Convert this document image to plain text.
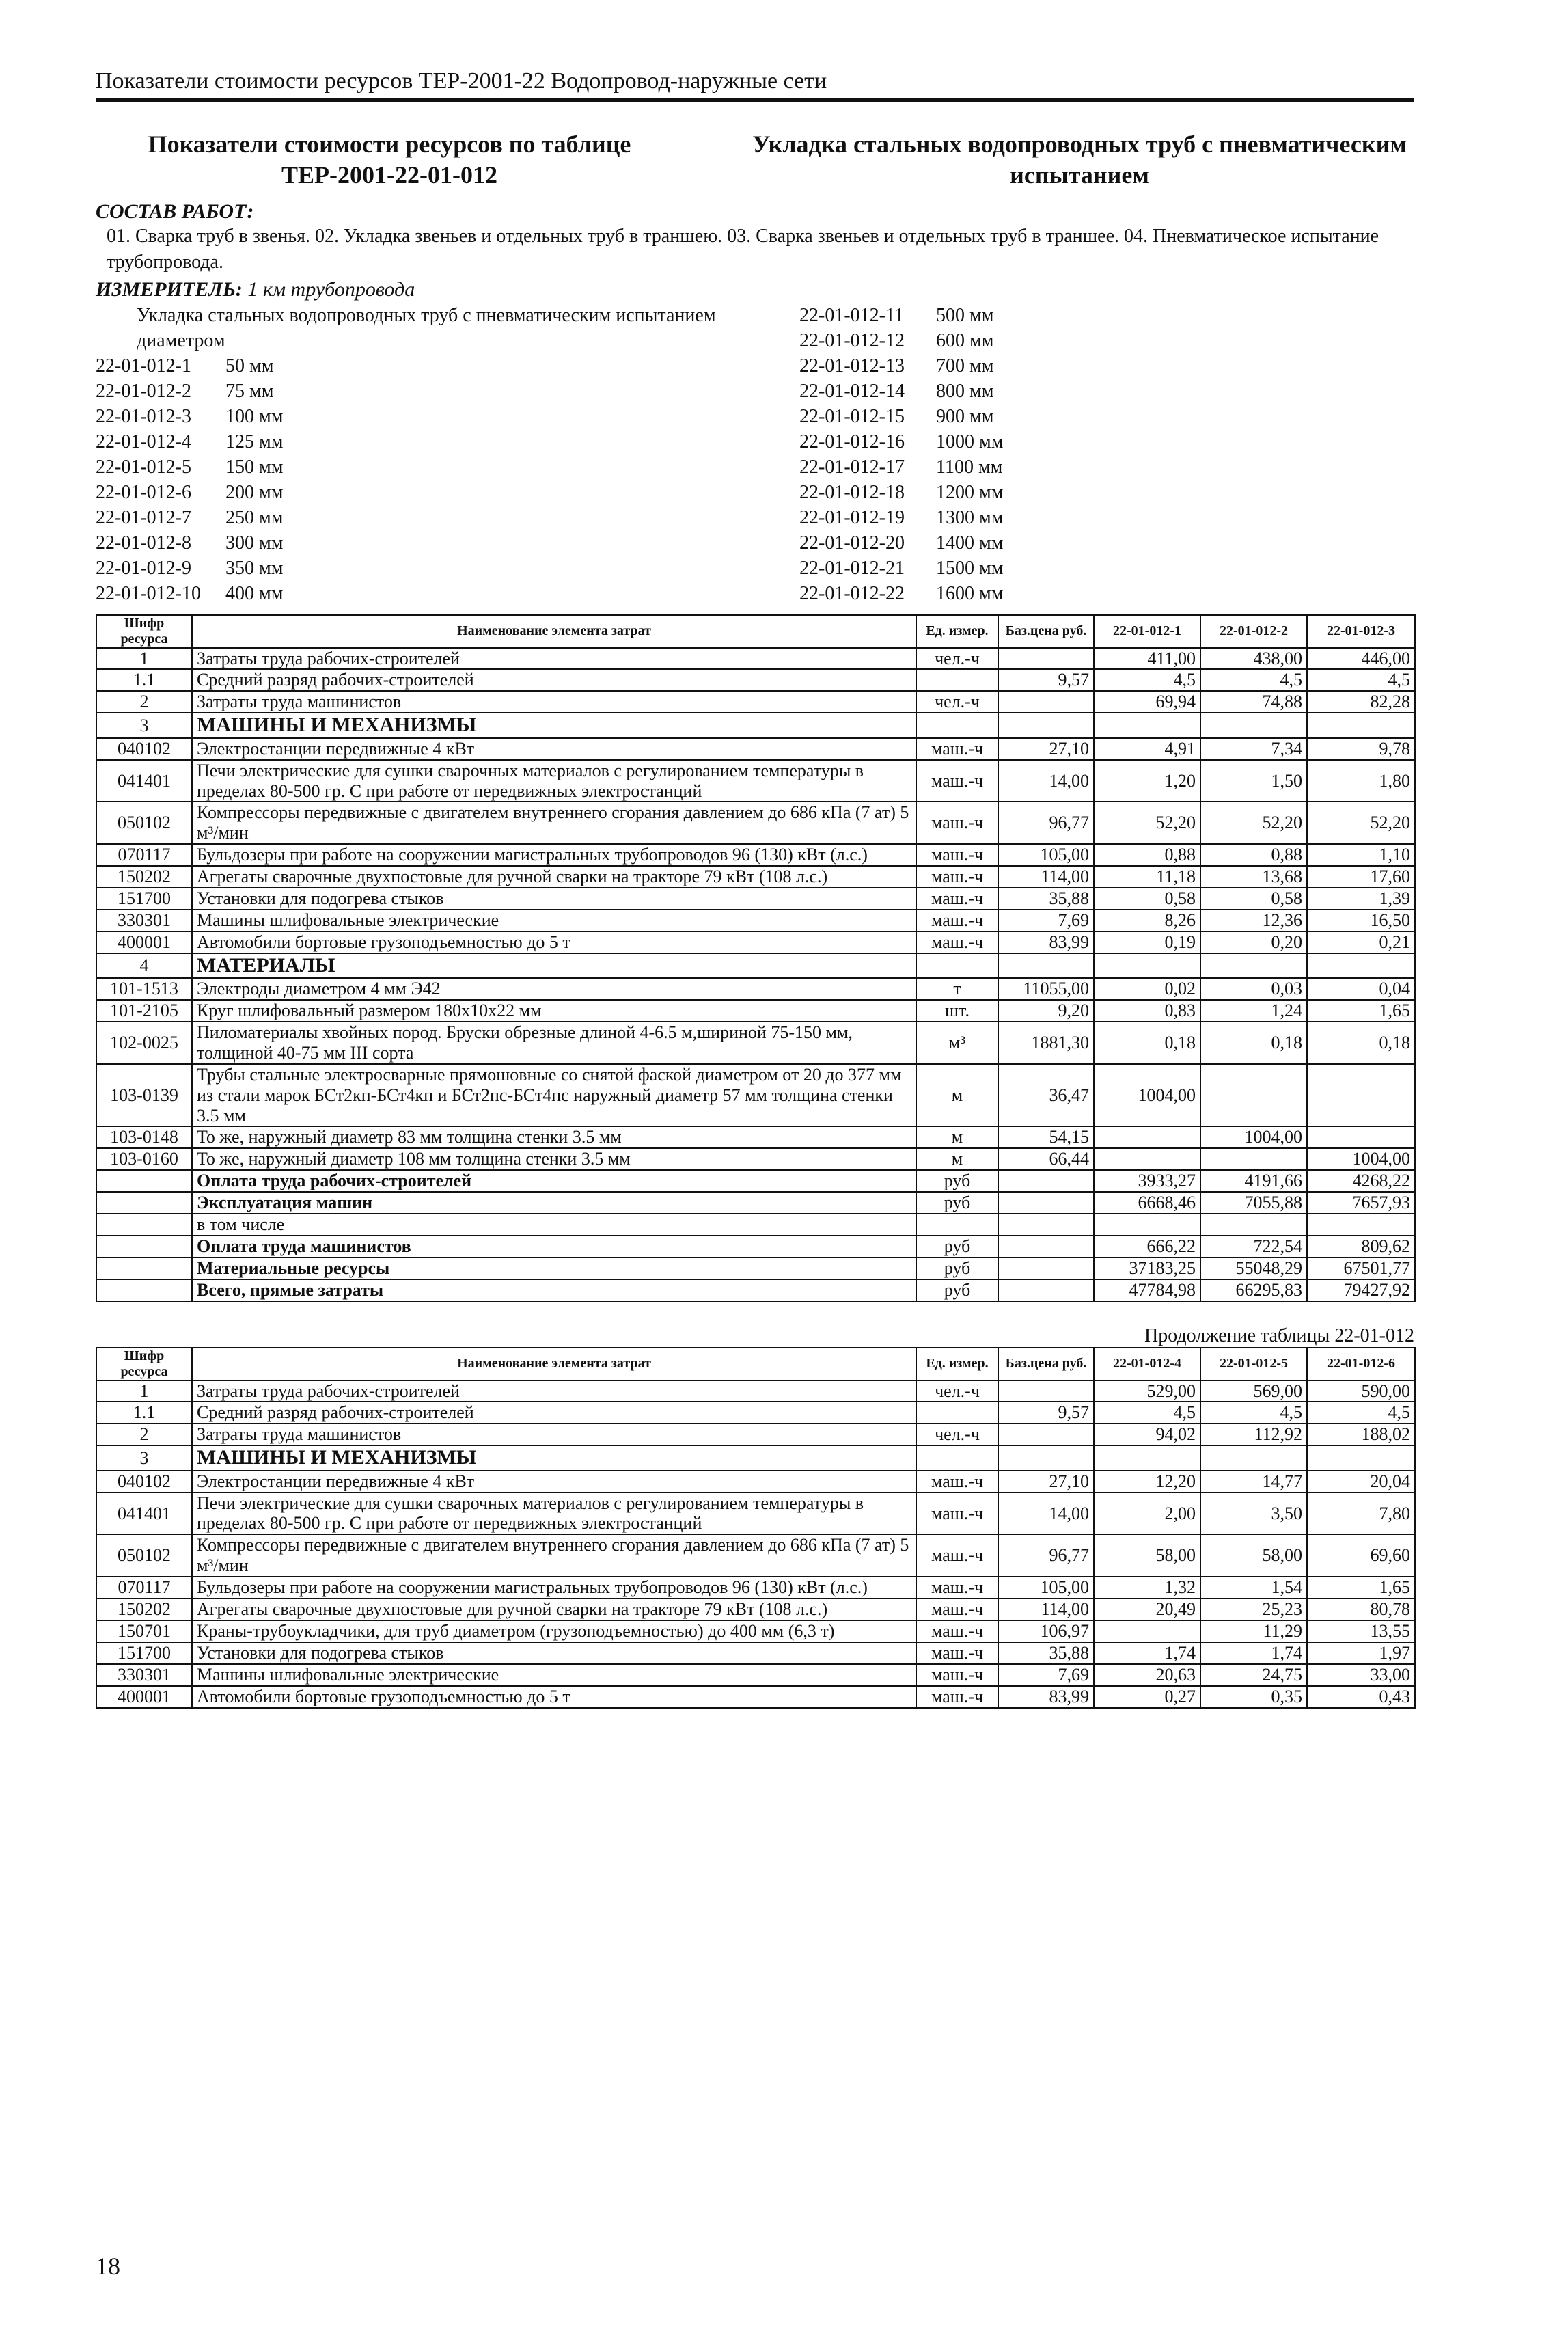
Показатели стоимости ресурсов ТЕР-2001-22 Водопровод-наружные сети
Показатели стоимости ресурсов по таблице ТЕР-2001-22-01-012
Укладка стальных водопроводных труб с пневматическим испытанием
СОСТАВ РАБОТ:
01. Сварка труб в звенья. 02. Укладка звеньев и отдельных труб в траншею. 03. Сварка звеньев и отдельных труб в траншее. 04. Пневматическое испытание трубопровода.
ИЗМЕРИТЕЛЬ: 1 км трубопровода
Укладка стальных водопроводных труб с пневматическим испытанием диаметром
22-01-012-1	50 мм
22-01-012-2	75 мм
22-01-012-3	100 мм
22-01-012-4	125 мм
22-01-012-5	150 мм
22-01-012-6	200 мм
22-01-012-7	250 мм
22-01-012-8	300 мм
22-01-012-9	350 мм
22-01-012-10	400 мм
22-01-012-11	500 мм
22-01-012-12	600 мм
22-01-012-13	700 мм
22-01-012-14	800 мм
22-01-012-15	900 мм
22-01-012-16	1000 мм
22-01-012-17	1100 мм
22-01-012-18	1200 мм
22-01-012-19	1300 мм
22-01-012-20	1400 мм
22-01-012-21	1500 мм
22-01-012-22	1600 мм
Шифр ресурса	Наименование элемента затрат	Ед. измер.	Баз.цена руб.	22-01-012-1	22-01-012-2	22-01-012-3
1	Затраты труда рабочих-строителей	чел.-ч		411,00	438,00	446,00
1.1	Средний разряд рабочих-строителей		9,57	4,5	4,5	4,5
2	Затраты труда машинистов	чел.-ч		69,94	74,88	82,28
3	МАШИНЫ И МЕХАНИЗМЫ					
040102	Электростанции передвижные 4 кВт	маш.-ч	27,10	4,91	7,34	9,78
041401	Печи электрические для сушки сварочных материалов с регулированием температуры в пределах 80-500 гр. С при работе от передвижных электростанций	маш.-ч	14,00	1,20	1,50	1,80
050102	Компрессоры передвижные с двигателем внутреннего сгорания давлением до 686 кПа (7 ат) 5 м³/мин	маш.-ч	96,77	52,20	52,20	52,20
070117	Бульдозеры при работе на сооружении магистральных трубопроводов 96 (130) кВт (л.с.)	маш.-ч	105,00	0,88	0,88	1,10
150202	Агрегаты сварочные двухпостовые для ручной сварки на тракторе 79 кВт (108 л.с.)	маш.-ч	114,00	11,18	13,68	17,60
151700	Установки для подогрева стыков	маш.-ч	35,88	0,58	0,58	1,39
330301	Машины шлифовальные электрические	маш.-ч	7,69	8,26	12,36	16,50
400001	Автомобили бортовые грузоподъемностью до 5 т	маш.-ч	83,99	0,19	0,20	0,21
4	МАТЕРИАЛЫ					
101-1513	Электроды диаметром 4 мм Э42	т	11055,00	0,02	0,03	0,04
101-2105	Круг шлифовальный размером 180x10x22 мм	шт.	9,20	0,83	1,24	1,65
102-0025	Пиломатериалы хвойных пород. Бруски обрезные длиной 4-6.5 м,шириной 75-150 мм, толщиной 40-75 мм III сорта	м³	1881,30	0,18	0,18	0,18
103-0139	Трубы стальные электросварные прямошовные со снятой фаской диаметром от 20 до 377 мм из стали марок БСт2кп-БСт4кп и БСт2пс-БСт4пс наружный диаметр 57 мм толщина стенки 3.5 мм	м	36,47	1004,00		
103-0148	То же, наружный диаметр 83 мм толщина стенки 3.5 мм	м	54,15		1004,00	
103-0160	То же, наружный диаметр 108 мм толщина стенки 3.5 мм	м	66,44			1004,00
	Оплата труда рабочих-строителей	руб		3933,27	4191,66	4268,22
	Эксплуатация машин	руб		6668,46	7055,88	7657,93
	в том числе					
	Оплата труда машинистов	руб		666,22	722,54	809,62
	Материальные ресурсы	руб		37183,25	55048,29	67501,77
	Всего, прямые затраты	руб		47784,98	66295,83	79427,92
Продолжение таблицы 22-01-012
Шифр ресурса	Наименование элемента затрат	Ед. измер.	Баз.цена руб.	22-01-012-4	22-01-012-5	22-01-012-6
1	Затраты труда рабочих-строителей	чел.-ч		529,00	569,00	590,00
1.1	Средний разряд рабочих-строителей		9,57	4,5	4,5	4,5
2	Затраты труда машинистов	чел.-ч		94,02	112,92	188,02
3	МАШИНЫ И МЕХАНИЗМЫ					
040102	Электростанции передвижные 4 кВт	маш.-ч	27,10	12,20	14,77	20,04
041401	Печи электрические для сушки сварочных материалов с регулированием температуры в пределах 80-500 гр. С при работе от передвижных электростанций	маш.-ч	14,00	2,00	3,50	7,80
050102	Компрессоры передвижные с двигателем внутреннего сгорания давлением до 686 кПа (7 ат) 5 м³/мин	маш.-ч	96,77	58,00	58,00	69,60
070117	Бульдозеры при работе на сооружении магистральных трубопроводов 96 (130) кВт (л.с.)	маш.-ч	105,00	1,32	1,54	1,65
150202	Агрегаты сварочные двухпостовые для ручной сварки на тракторе 79 кВт (108 л.с.)	маш.-ч	114,00	20,49	25,23	80,78
150701	Краны-трубоукладчики, для труб диаметром (грузоподъемностью) до 400 мм (6,3 т)	маш.-ч	106,97		11,29	13,55
151700	Установки для подогрева стыков	маш.-ч	35,88	1,74	1,74	1,97
330301	Машины шлифовальные электрические	маш.-ч	7,69	20,63	24,75	33,00
400001	Автомобили бортовые грузоподъемностью до 5 т	маш.-ч	83,99	0,27	0,35	0,43
18
